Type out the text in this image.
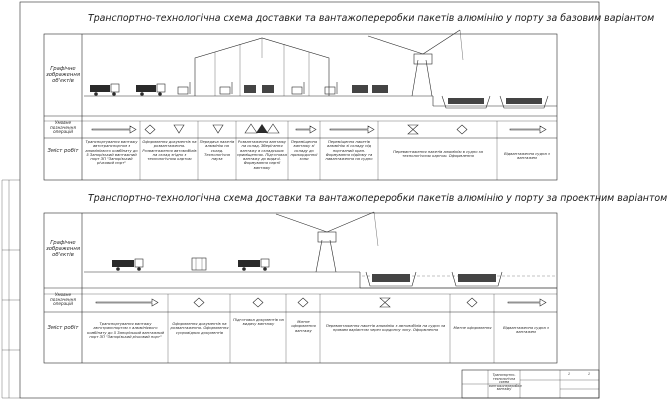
Транспортно-технологічна схема доставки та вантажопереробки пакетів алюмінію у порту за базовим варіантом
Графічне зображення об'єктів
Умовне позначення операцій
Зміст робіт
Транспортування вантажу автотранспортом з алюмінієвого комбінату до 5 Запорізький вантажний порт ЗП "Запорізький річковий порт"
Оформлення документів на розвантаження. Розвантаження автомобілів на склад згідно з технологічною картою
Передача пакетів алюмінію на склад. Технологічна пауза
Розвантаження вантажу на склад. Зберігання вантажу в складських приміщеннях. Підготовка вантажу до видачі. Формування партії вантажу
Переміщення вантажу зі складу до прикордонної зони
Переміщення пакетів алюмінію зі складу під порталний кран. Формування підйому та навантаження на судно
Перевантаження пакетів алюмінію в судно за технологічною картою. Оформлення
Відвантаження судна з вантажем
Транспортно-технологічна схема доставки та вантажопереробки пакетів алюмінію у порту за проектним варіантом
Графічне зображення об'єктів
Умовне позначення операцій
Зміст робіт
Транспортування вантажу автотранспортом з алюмінієвого комбінату до 5 Запорізький вантажний порт ЗП "Запорізький річковий порт"
Оформлення документів на розвантаження. Оформлення супровідних документів
Підготовка документів на видачу вантажу
Митне оформлення вантажу
Перевантаження пакетів алюмінію з автомобілів на судно за прямим варіантом через кордонну зону. Оформлення
Митне оформлення	Відвантаження судна з вантажем
Транспортно-технологічна схема вантажопереробки вантажу
1	1
